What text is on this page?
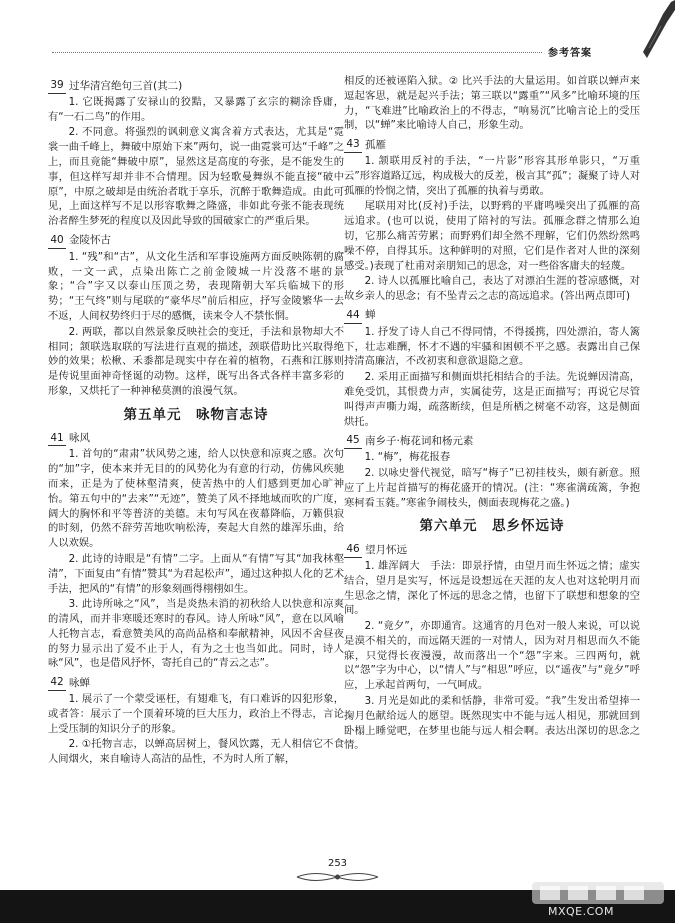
参考答案
39 过华清宫绝句三首(其二)

1. 它既揭露了安禄山的狡黠，又暴露了玄宗的糊涂昏庸，有“一石二鸟”的作用。

2. 不同意。将强烈的讽刺意义寓含着方式表达，尤其是“霓裳一曲千峰上，舞破中原始下来”两句，说一曲霓裳可达“千峰”之上，而且竟能“舞破中原”，显然这是高度的夸张，是不能发生的事，但这样写却并非不合情理。因为轻歌曼舞纵不能直接“破中原”，中原之破却是由统治者耽于享乐，沉醉于歌舞造成。由此可见，上面这样写不足以形容歌舞之隆盛，非如此夸张不能表现统治者醉生梦死的程度以及因此导致的国破家亡的严重后果。

40 金陵怀古

1. “残”和“古”，从文化生活和军事设施两方面反映陈朝的腐败，一文一武，点染出陈亡之前金陵城一片没落不堪的景象；“合”字又以泰山压顶之势，表现隋朝大军兵临城下的形势；“王气终”则与尾联的“豪华尽”前后相应，抒写金陵繁华一去不返，人间权势终归于尽的感慨，读来令人不禁怅惘。

2. 两联，都以自然景象反映社会的变迁，手法和景物却大不相同；颔联选取联的写法进行直观的描述，颈联借助比兴取得绝妙的效果；松楸、禾黍都是现实中存在着的植物，石燕和江豚则是传说里面神奇怪诞的动物。这样，既写出各式各样丰富多彩的形象，又烘托了一种神秘莫测的浪漫气氛。

第五单元　咏物言志诗
41 咏风

1. 首句的“肃肃”状风势之速，给人以快意和凉爽之感。次句的“加”字，使本来并无目的的风势化为有意的行动，仿佛风疾驰而来，正是为了使林壑清爽，使苦热中的人们感到更加心旷神怡。第五句中的“去来”“无迹”，赞美了风不择地域而吹的广度，阔大的胸怀和平等普济的美德。末句写风在夜幕降临，万籁俱寂的时刻，仍然不辞劳苦地吹响松涛，奏起大自然的雄浑乐曲，给人以欢娱。

2. 此诗的诗眼是“有情”二字。上面从“有情”写其“加我林壑清”，下面复由“有情”赞其“为君起松声”，通过这种拟人化的艺术手法，把风的“有情”的形象刻画得栩栩如生。

3. 此诗所咏之“风”，当是炎热未消的初秋给人以快意和凉爽的清风，而并非寒暖还寒时的春风。诗人所咏“风”，意在以风喻人托物言志，看意赞美风的高尚品格和奉献精神，风因不舍昼夜的努力显示出了爱不止于人，有为之士也当如此。同时，诗人咏“风”，也是借风抒怀，寄托自己的“青云之志”。

42 咏蝉

1. 展示了一个蒙受诬枉，有翅难飞，有口难诉的囚犯形象，或者答：展示了一个顶着环境的巨大压力，政治上不得志，言论上受压制的知识分子的形象。

2. ①托物言志，以蝉高居树上，餐风饮露，无人相信它不食人间烟火，来自喻诗人高洁的品性，不为时人所了解，

相反的还被诬陷入狱。② 比兴手法的大量运用。如首联以蝉声来逗起客思，就是起兴手法；第三联以“露重”“风多”比喻环境的压力，“飞难进”比喻政治上的不得志，“响易沉”比喻言论上的受压制，以“蝉”来比喻诗人自己，形象生动。

43 孤雁

1. 颔联用反衬的手法，“一片影”形容其形单影只，“万重云”形容道路辽远，构成极大的反差，极言其“孤”；凝聚了诗人对孤雁的怜悯之情，突出了孤雁的执着与勇敢。

尾联用对比(反衬)手法，以野鸦的平庸鸣噪突出了孤雁的高远追求。(也可以说，使用了陪衬的写法。孤雁念群之情那么迫切，它那么痛苦劳累；而野鸦们却全然不理解，它们仍然纷然鸣噪不停，自得其乐。这种鲜明的对照，它们是作者对人世的深刻感受。)表现了杜甫对亲朋知己的思念，对一些俗客庸夫的轻蔑。

2. 诗人以孤雁比喻自己，表达了对漂泊生涯的苍凉感慨，对故乡亲人的思念；有不坠青云之志的高远追求。(答出两点即可)

44 蝉

1. 抒发了诗人自己不得同情，不得援携，四处漂泊，寄人篱下，壮志难酬，怀才不遇的牢骚和困顿不平之感。表露出自己保持清高廉洁，不改初衷和意欲退隐之意。

2. 采用正面描写和侧面烘托相结合的手法。先说蝉因清高，难免受饥，其恨费力声，实属徒劳，这是正面描写；再说它尽管叫得声声嘶力竭，疏落断续，但是所栖之树毫不动容，这是侧面烘托。

45 南乡子·梅花词和杨元素

1. “梅”，梅花报春

2. 以咏史誉代视觉，暗写“梅子”已初挂枝头，颇有新意。照应了上片起首描写的梅花盛开的情况。(注：“寒雀满疏篱，争抱寒柯看玉蕤。”寒雀争闹枝头，侧面表现梅花之盛。)

第六单元　思乡怀远诗
46 望月怀远

1. 雄浑阔大　手法：即景抒情，由望月而生怀远之情；虚实结合，望月是实写，怀远是设想远在天涯的友人也对这轮明月而生思念之情，深化了怀远的思念之情，也留下了联想和想象的空间。

2. “竟夕”，亦即通宵。这通宵的月色对一般人来说，可以说是漠不相关的，而远隔天涯的一对情人，因为对月相思而久不能寐，只觉得长夜漫漫，故而落出一个“怨”字来。三四两句，就以“怨”字为中心，以“情人”与“相思”呼应，以“遥夜”与“竟夕”呼应，上承起首两句，一气呵成。

3. 月光是如此的柔和恬静，非常可爱。“我”生发出希望捧一掬月色献给远人的愿望。既然现实中不能与远人相见，那就回到卧榻上睡觉吧，在梦里也能与远人相会啊。表达出深切的思念之情。

253
MXQE.COM
